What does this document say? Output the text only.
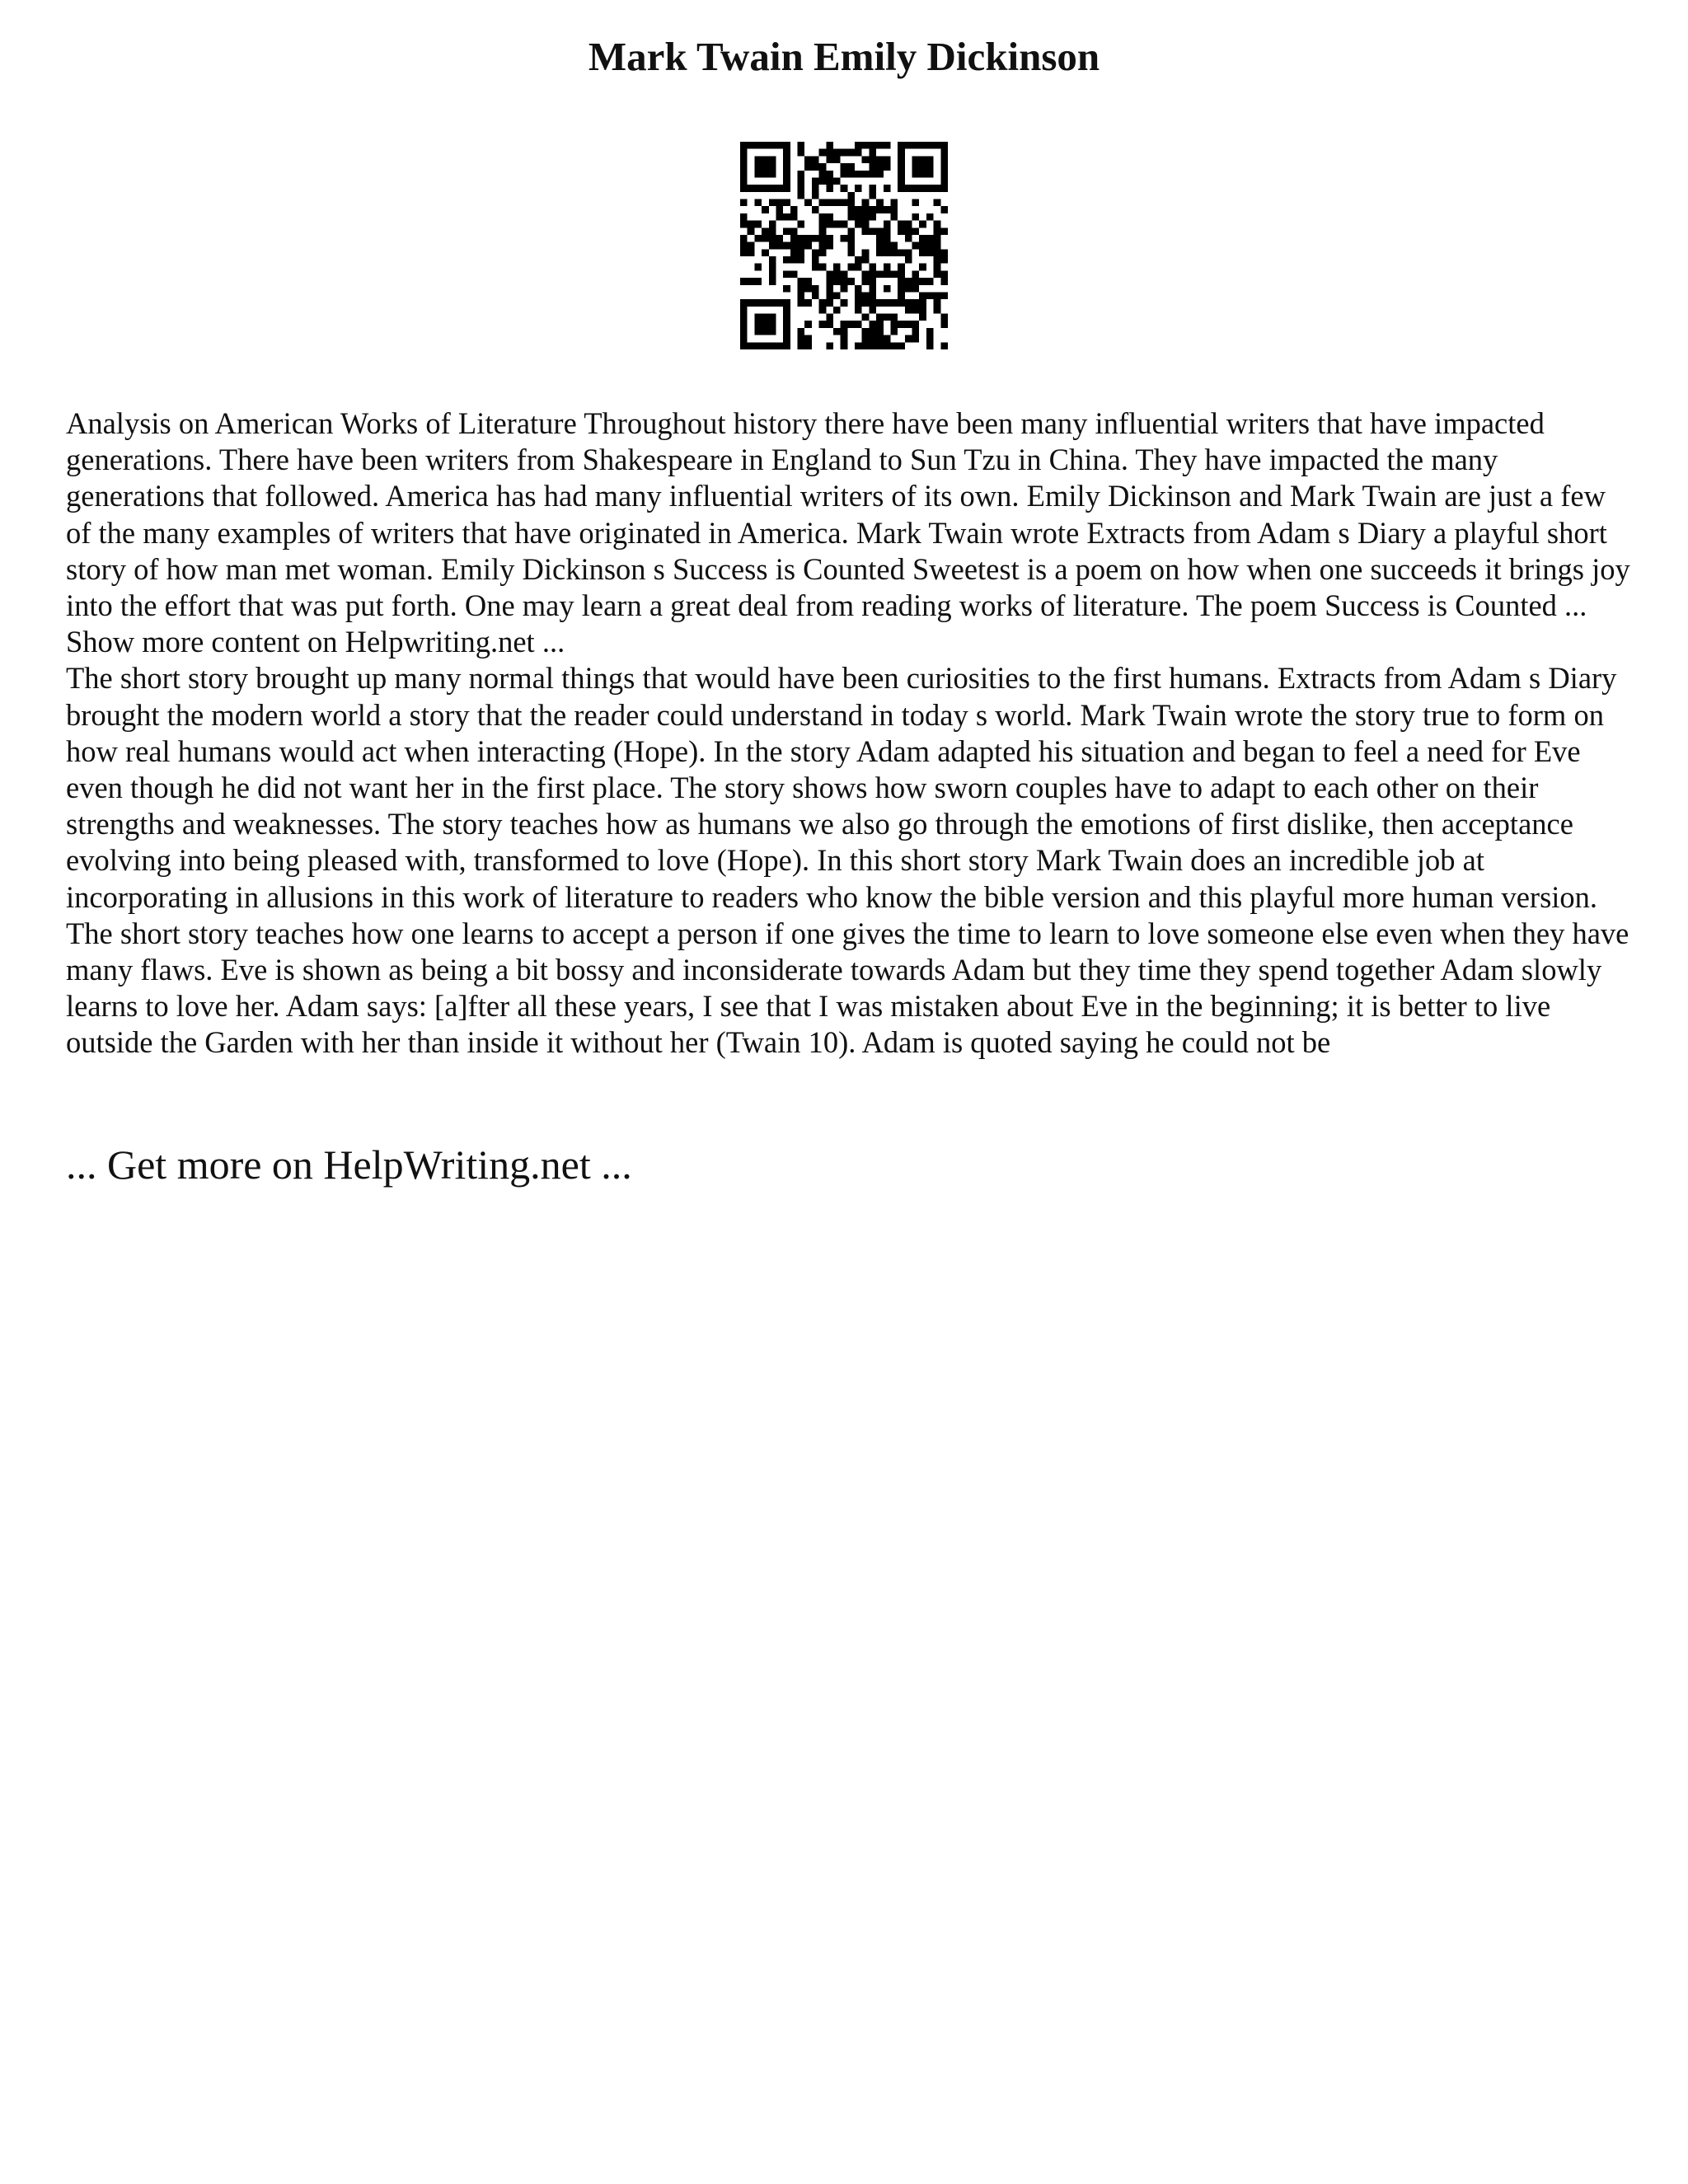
Mark Twain Emily Dickinson

Analysis on American Works of Literature Throughout history there have been many influential writers that have impacted generations. There have been writers from Shakespeare in England to Sun Tzu in China. They have impacted the many generations that followed. America has had many influential writers of its own. Emily Dickinson and Mark Twain are just a few of the many examples of writers that have originated in America. Mark Twain wrote Extracts from Adam s Diary a playful short story of how man met woman. Emily Dickinson s Success is Counted Sweetest is a poem on how when one succeeds it brings joy into the effort that was put forth. One may learn a great deal from reading works of literature. The poem Success is Counted ... Show more content on Helpwriting.net ...

The short story brought up many normal things that would have been curiosities to the first humans. Extracts from Adam s Diary brought the modern world a story that the reader could understand in today s world. Mark Twain wrote the story true to form on how real humans would act when interacting (Hope). In the story Adam adapted his situation and began to feel a need for Eve even though he did not want her in the first place. The story shows how sworn couples have to adapt to each other on their strengths and weaknesses. The story teaches how as humans we also go through the emotions of first dislike, then acceptance evolving into being pleased with, transformed to love (Hope). In this short story Mark Twain does an incredible job at incorporating in allusions in this work of literature to readers who know the bible version and this playful more human version. The short story teaches how one learns to accept a person if one gives the time to learn to love someone else even when they have many flaws. Eve is shown as being a bit bossy and inconsiderate towards Adam but they time they spend together Adam slowly learns to love her. Adam says: [a]fter all these years, I see that I was mistaken about Eve in the beginning; it is better to live outside the Garden with her than inside it without her (Twain 10). Adam is quoted saying he could not be

... Get more on HelpWriting.net ...
